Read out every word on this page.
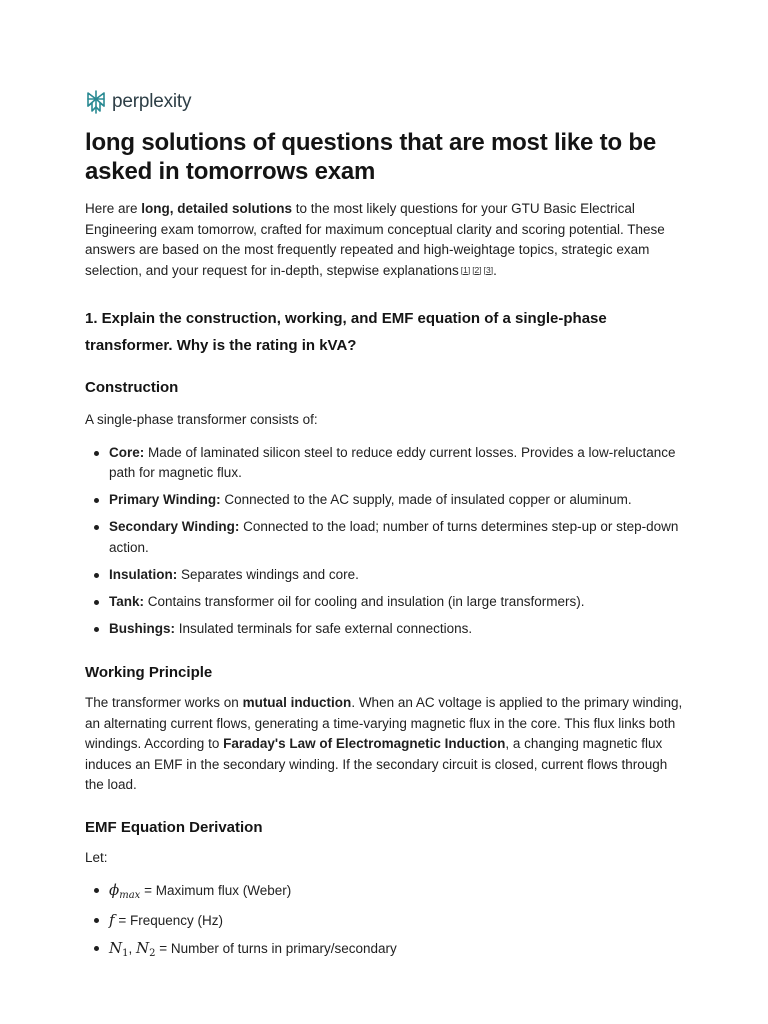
perplexity
long solutions of questions that are most like to be asked in tomorrows exam

Here are long, detailed solutions to the most likely questions for your GTU Basic Electrical Engineering exam tomorrow, crafted for maximum conceptual clarity and scoring potential. These answers are based on the most frequently repeated and high-weightage topics, strategic exam selection, and your request for in-depth, stepwise explanations [1] [2] [3].

1. Explain the construction, working, and EMF equation of a single-phase transformer. Why is the rating in kVA?
Construction

A single-phase transformer consists of:

Core: Made of laminated silicon steel to reduce eddy current losses. Provides a low-reluctance path for magnetic flux.
Primary Winding: Connected to the AC supply, made of insulated copper or aluminum.
Secondary Winding: Connected to the load; number of turns determines step-up or step-down action.
Insulation: Separates windings and core.
Tank: Contains transformer oil for cooling and insulation (in large transformers).
Bushings: Insulated terminals for safe external connections.
Working Principle

The transformer works on mutual induction. When an AC voltage is applied to the primary winding, an alternating current flows, generating a time-varying magnetic flux in the core. This flux links both windings. According to Faraday's Law of Electromagnetic Induction, a changing magnetic flux induces an EMF in the secondary winding. If the secondary circuit is closed, current flows through the load.

EMF Equation Derivation

Let:

$\phi_{max}$ = Maximum flux (Weber)
f = Frequency (Hz)
$N_1$, $N_2$ = Number of turns in primary/secondary
